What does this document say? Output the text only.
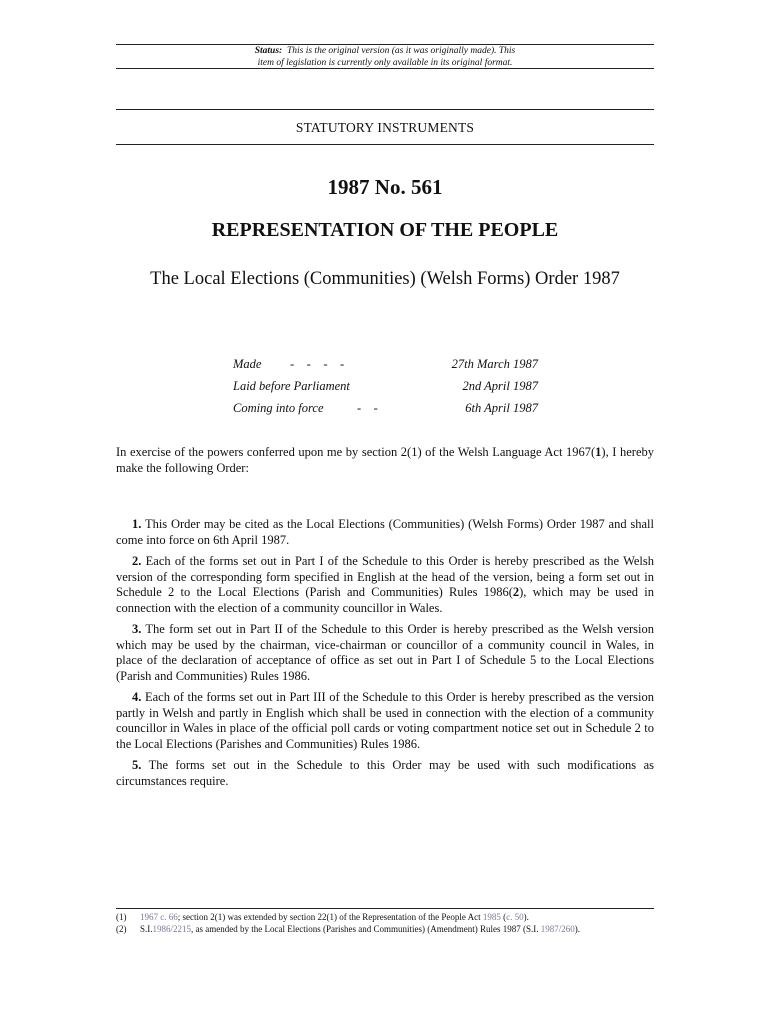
Status: This is the original version (as it was originally made). This
item of legislation is currently only available in its original format.
STATUTORY INSTRUMENTS
1987 No. 561
REPRESENTATION OF THE PEOPLE
The Local Elections (Communities) (Welsh Forms) Order 1987
Made -    -    -    -	27th March 1987
Laid before Parliament	2nd April 1987
Coming into force	-    -	6th April 1987
In exercise of the powers conferred upon me by section 2(1) of the Welsh Language Act 1967(1), I hereby make the following Order:

1. This Order may be cited as the Local Elections (Communities) (Welsh Forms) Order 1987 and shall come into force on 6th April 1987.

2. Each of the forms set out in Part I of the Schedule to this Order is hereby prescribed as the Welsh version of the corresponding form specified in English at the head of the version, being a form set out in Schedule 2 to the Local Elections (Parish and Communities) Rules 1986(2), which may be used in connection with the election of a community councillor in Wales.

3. The form set out in Part II of the Schedule to this Order is hereby prescribed as the Welsh version which may be used by the chairman, vice-chairman or councillor of a community council in Wales, in place of the declaration of acceptance of office as set out in Part I of Schedule 5 to the Local Elections (Parish and Communities) Rules 1986.

4. Each of the forms set out in Part III of the Schedule to this Order is hereby prescribed as the version partly in Welsh and partly in English which shall be used in connection with the election of a community councillor in Wales in place of the official poll cards or voting compartment notice set out in Schedule 2 to the Local Elections (Parishes and Communities) Rules 1986.

5. The forms set out in the Schedule to this Order may be used with such modifications as circumstances require.

(1) 1967 c. 66; section 2(1) was extended by section 22(1) of the Representation of the People Act 1985 (c. 50).
(2) S.I.1986/2215, as amended by the Local Elections (Parishes and Communities) (Amendment) Rules 1987 (S.I. 1987/260).
